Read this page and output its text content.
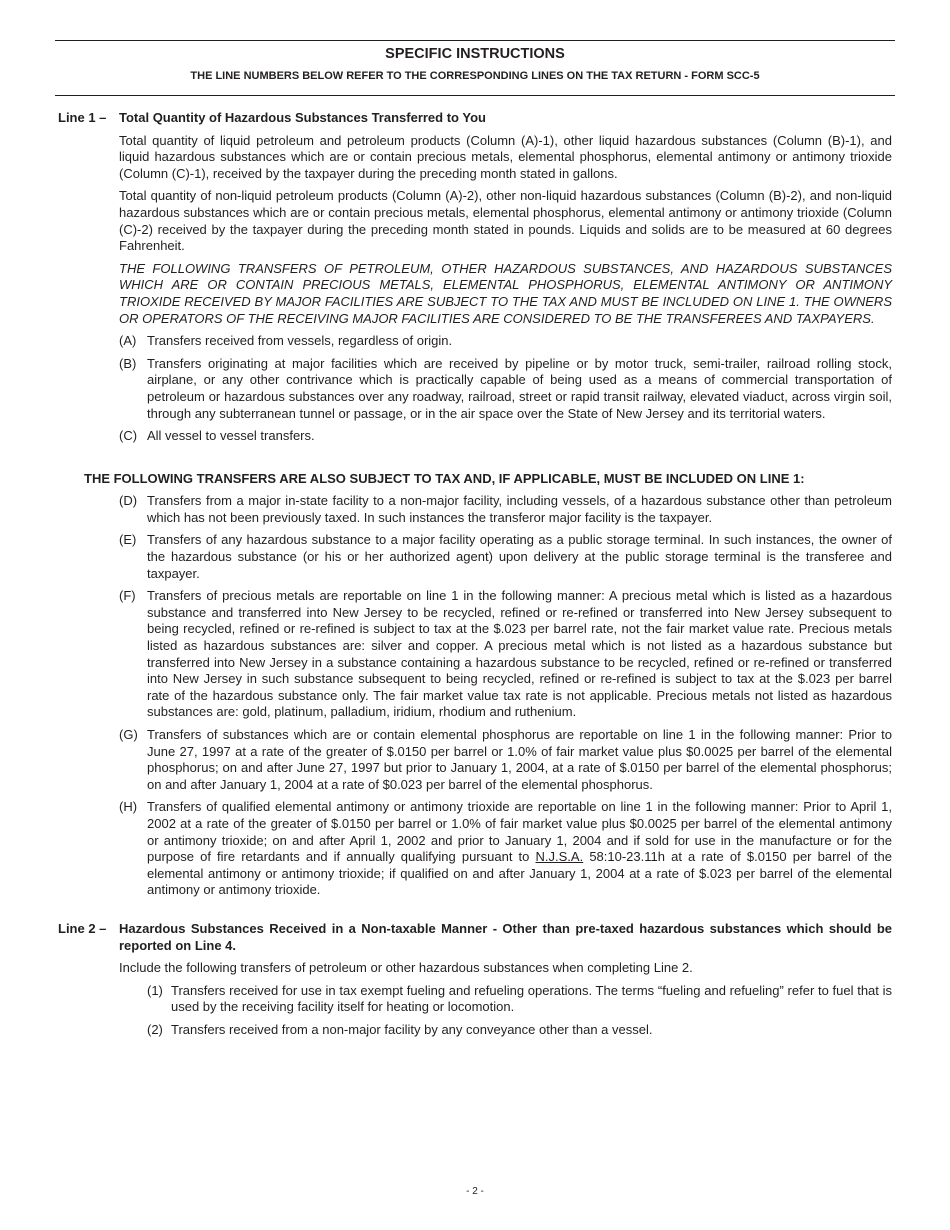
SPECIFIC INSTRUCTIONS
THE LINE NUMBERS BELOW REFER TO THE CORRESPONDING LINES ON THE TAX RETURN - FORM SCC-5
Line 1 – Total Quantity of Hazardous Substances Transferred to You
Total quantity of liquid petroleum and petroleum products (Column (A)-1), other liquid hazardous substances (Column (B)-1), and liquid hazardous substances which are or contain precious metals, elemental phosphorus, elemental antimony or antimony trioxide (Column (C)-1), received by the taxpayer during the preceding month stated in gallons.
Total quantity of non-liquid petroleum products (Column (A)-2), other non-liquid hazardous substances (Column (B)-2), and non-liquid hazardous substances which are or contain precious metals, elemental phosphorus, elemental antimony or antimony trioxide (Column (C)-2) received by the taxpayer during the preceding month stated in pounds. Liquids and solids are to be measured at 60 degrees Fahrenheit.
THE FOLLOWING TRANSFERS OF PETROLEUM, OTHER HAZARDOUS SUBSTANCES, AND HAZARDOUS SUBSTANCES WHICH ARE OR CONTAIN PRECIOUS METALS, ELEMENTAL PHOSPHORUS, ELEMENTAL ANTIMONY OR ANTIMONY TRIOXIDE RECEIVED BY MAJOR FACILITIES ARE SUBJECT TO THE TAX AND MUST BE INCLUDED ON LINE 1. THE OWNERS OR OPERATORS OF THE RECEIVING MAJOR FACILITIES ARE CONSIDERED TO BE THE TRANSFEREES AND TAXPAYERS.
(A) Transfers received from vessels, regardless of origin.
(B) Transfers originating at major facilities which are received by pipeline or by motor truck, semi-trailer, railroad rolling stock, airplane, or any other contrivance which is practically capable of being used as a means of commercial transportation of petroleum or hazardous substances over any roadway, railroad, street or rapid transit railway, elevated viaduct, across virgin soil, through any subterranean tunnel or passage, or in the air space over the State of New Jersey and its territorial waters.
(C) All vessel to vessel transfers.
THE FOLLOWING TRANSFERS ARE ALSO SUBJECT TO TAX AND, IF APPLICABLE, MUST BE INCLUDED ON LINE 1:
(D) Transfers from a major in-state facility to a non-major facility, including vessels, of a hazardous substance other than petroleum which has not been previously taxed. In such instances the transferor major facility is the taxpayer.
(E) Transfers of any hazardous substance to a major facility operating as a public storage terminal. In such instances, the owner of the hazardous substance (or his or her authorized agent) upon delivery at the public storage terminal is the transferee and taxpayer.
(F) Transfers of precious metals are reportable on line 1 in the following manner: A precious metal which is listed as a hazardous substance and transferred into New Jersey to be recycled, refined or re-refined or transferred into New Jersey subsequent to being recycled, refined or re-refined is subject to tax at the $.023 per barrel rate, not the fair market value rate. Precious metals listed as hazardous substances are: silver and copper. A precious metal which is not listed as a hazardous substance but transferred into New Jersey in a substance containing a hazardous substance to be recycled, refined or re-refined or transferred into New Jersey in such substance subsequent to being recycled, refined or re-refined is subject to tax at the $.023 per barrel rate of the hazardous substance only. The fair market value tax rate is not applicable. Precious metals not listed as hazardous substances are: gold, platinum, palladium, iridium, rhodium and ruthenium.
(G) Transfers of substances which are or contain elemental phosphorus are reportable on line 1 in the following manner: Prior to June 27, 1997 at a rate of the greater of $.0150 per barrel or 1.0% of fair market value plus $0.0025 per barrel of the elemental phosphorus; on and after June 27, 1997 but prior to January 1, 2004, at a rate of $.0150 per barrel of the elemental phosphorus; on and after January 1, 2004 at a rate of $0.023 per barrel of the elemental phosphorus.
(H) Transfers of qualified elemental antimony or antimony trioxide are reportable on line 1 in the following manner: Prior to April 1, 2002 at a rate of the greater of $.0150 per barrel or 1.0% of fair market value plus $0.0025 per barrel of the elemental antimony or antimony trioxide; on and after April 1, 2002 and prior to January 1, 2004 and if sold for use in the manufacture or for the purpose of fire retardants and if annually qualifying pursuant to N.J.S.A. 58:10-23.11h at a rate of $.0150 per barrel of the elemental antimony or antimony trioxide; if qualified on and after January 1, 2004 at a rate of $.023 per barrel of the elemental antimony or antimony trioxide.
Line 2 – Hazardous Substances Received in a Non-taxable Manner - Other than pre-taxed hazardous substances which should be reported on Line 4.
Include the following transfers of petroleum or other hazardous substances when completing Line 2.
(1) Transfers received for use in tax exempt fueling and refueling operations. The terms “fueling and refueling” refer to fuel that is used by the receiving facility itself for heating or locomotion.
(2) Transfers received from a non-major facility by any conveyance other than a vessel.
- 2 -
